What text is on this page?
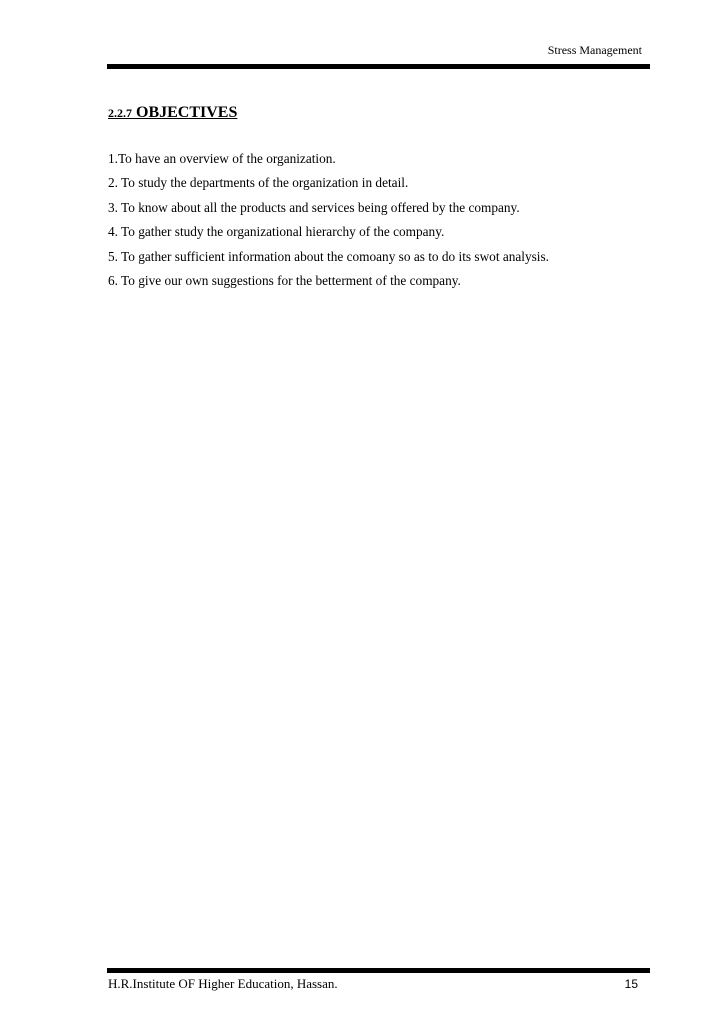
Stress Management
2.2.7 OBJECTIVES
1.To have an overview of the organization.
2. To study the departments of the organization in detail.
3. To know about all the products and services being offered by the company.
4. To gather study the organizational hierarchy of the company.
5. To gather sufficient information about the comoany so as to do its swot analysis.
6. To give our own suggestions for the betterment of the company.
H.R.Institute OF Higher Education, Hassan.	15
